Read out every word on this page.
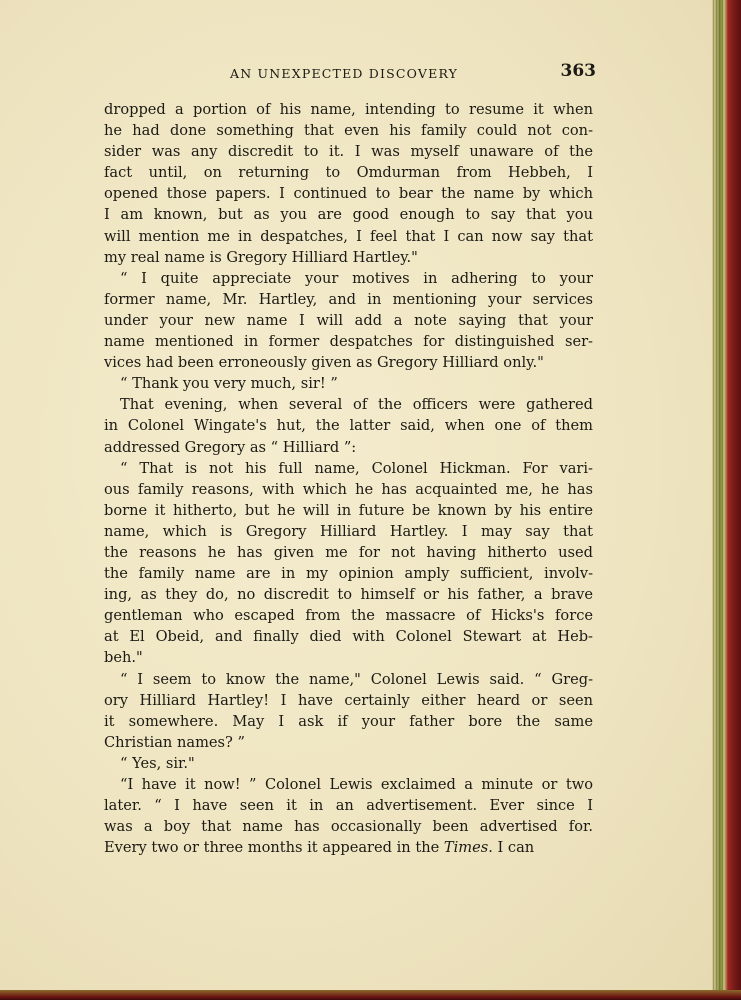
AN UNEXPECTED DISCOVERY	363
dropped a portion of his name, intending to resume it when
he had done something that even his family could not con-
sider was any discredit to it. I was myself unaware of the
fact until, on returning to Omdurman from Hebbeh, I
opened those papers. I continued to bear the name by which
I am known, but as you are good enough to say that you
will mention me in despatches, I feel that I can now say that
my real name is Gregory Hilliard Hartley."
“ I quite appreciate your motives in adhering to your
former name, Mr. Hartley, and in mentioning your services
under your new name I will add a note saying that your
name mentioned in former despatches for distinguished ser-
vices had been erroneously given as Gregory Hilliard only."
“ Thank you very much, sir! ”
That evening, when several of the officers were gathered
in Colonel Wingate's hut, the latter said, when one of them
addressed Gregory as “ Hilliard ”:
“ That is not his full name, Colonel Hickman. For vari-
ous family reasons, with which he has acquainted me, he has
borne it hitherto, but he will in future be known by his entire
name, which is Gregory Hilliard Hartley. I may say that
the reasons he has given me for not having hitherto used
the family name are in my opinion amply sufficient, involv-
ing, as they do, no discredit to himself or his father, a brave
gentleman who escaped from the massacre of Hicks's force
at El Obeid, and finally died with Colonel Stewart at Heb-
beh."
“ I seem to know the name," Colonel Lewis said. “ Greg-
ory Hilliard Hartley! I have certainly either heard or seen
it somewhere. May I ask if your father bore the same
Christian names? ”
“ Yes, sir."
“I have it now! ” Colonel Lewis exclaimed a minute or two
later. “ I have seen it in an advertisement. Ever since I
was a boy that name has occasionally been advertised for.
Every two or three months it appeared in the Times. I can
